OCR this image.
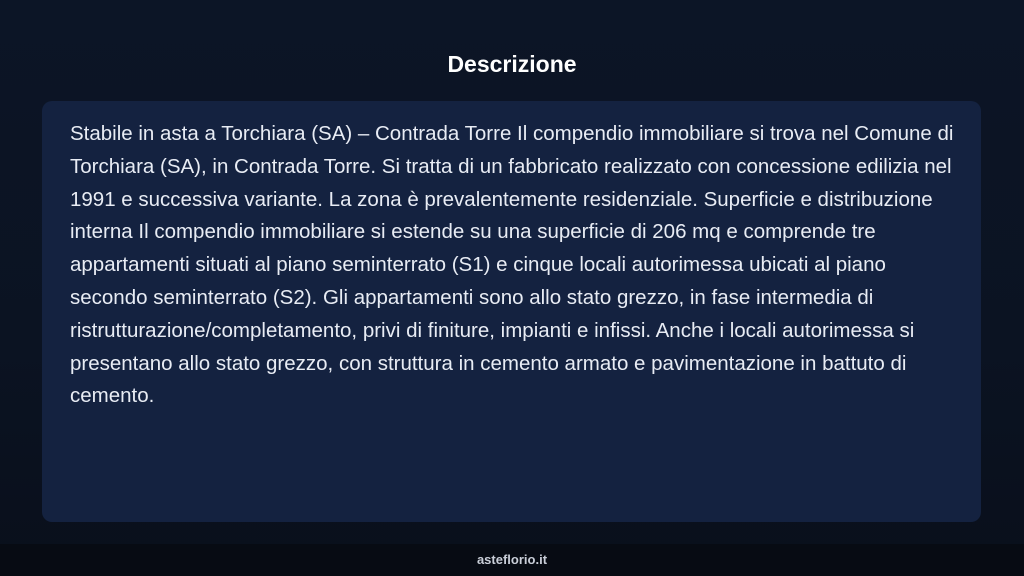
Descrizione

Stabile in asta a Torchiara (SA) – Contrada Torre Il compendio immobiliare si trova nel Comune di Torchiara (SA), in Contrada Torre. Si tratta di un fabbricato realizzato con concessione edilizia nel 1991 e successiva variante. La zona è prevalentemente residenziale. Superficie e distribuzione interna Il compendio immobiliare si estende su una superficie di 206 mq e comprende tre appartamenti situati al piano seminterrato (S1) e cinque locali autorimessa ubicati al piano secondo seminterrato (S2). Gli appartamenti sono allo stato grezzo, in fase intermedia di ristrutturazione/completamento, privi di finiture, impianti e infissi. Anche i locali autorimessa si presentano allo stato grezzo, con struttura in cemento armato e pavimentazione in battuto di cemento.

asteflorio.it
